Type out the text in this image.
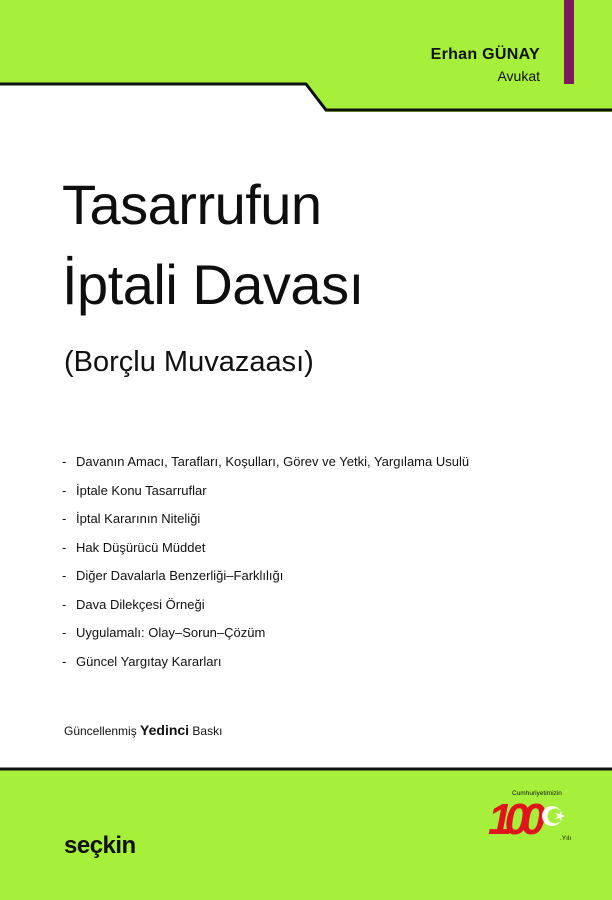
Erhan GÜNAY
Avukat
Tasarrufun
İptali Davası
(Borçlu Muvazaası)
- Davanın Amacı, Tarafları, Koşulları, Görev ve Yetki, Yargılama Usulü
- İptale Konu Tasarruflar
- İptal Kararının Niteliği
- Hak Düşürücü Müddet
- Diğer Davalarla Benzerliği–Farklılığı
- Dava Dilekçesi Örneği
- Uygulamalı: Olay–Sorun–Çözüm
- Güncel Yargıtay Kararları
Güncellenmiş Yedinci Baskı
seçkin
Cumhuriyetimizin
100	.Yılı
